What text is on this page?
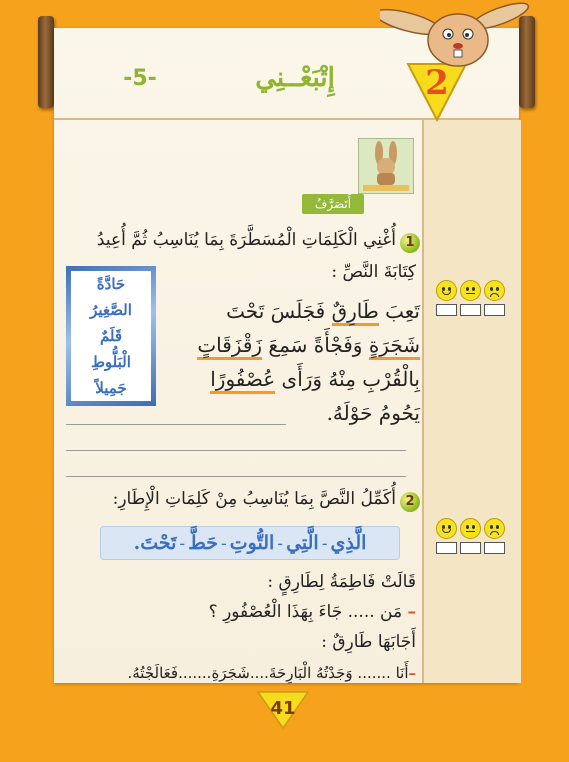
إِتْبَعْــنِي
-5-	2
أَتَصَرَّفُ
1
أُغْنِي الْكَلِمَاتِ الْمُسَطَّرَةَ بِمَا يُنَاسِبُ ثُمَّ أُعِيدُ
كِتَابَةَ النَّصِّ :
حَادَّةً
الصَّغِيرُ
قَلَمٌ
الْبَلُّوطِ
جَمِيلاً
تَعِبَ طَارِقٌ فَجَلَسَ تَحْتَ
شَجَرَةٍ وَفَجْأَةً سَمِعَ زَقْزَقَاتٍ
بِالْقُرْبِ مِنْهُ وَرَأَى عُصْفُورًا
يَحُومُ حَوْلَهُ.
2
أُكَمِّلُ النَّصَّ بِمَا يُنَاسِبُ مِنْ كَلِمَاتِ الْإِطَارِ:
الَّذِي
-
الَّتِي
-
التُّوتِ
-
حَطَّ
-
تَحْتَ.
قَالَتْ فَاطِمَةُ لِطَارِقٍ :
– مَن ..... جَاءَ بِهَذَا الْعُصْفُورِ ؟
أَجَابَهَا طَارِقٌ :
–أَنَا ....... وَجَدْتُهُ الْبَارِحَةَ....شَجَرَةِ.......فَعَالَجْتُهُ.
41
